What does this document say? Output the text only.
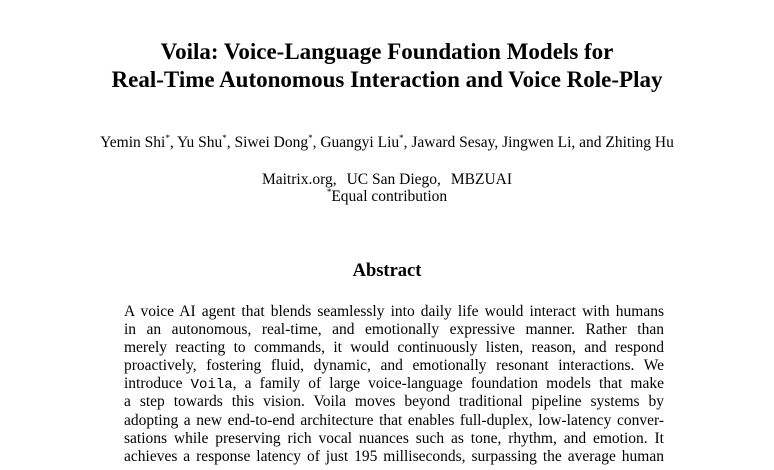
Voila: Voice-Language Foundation Models for
Real-Time Autonomous Interaction and Voice Role-Play
Yemin Shi*, Yu Shu*, Siwei Dong*, Guangyi Liu*, Jaward Sesay, Jingwen Li, and Zhiting Hu
Maitrix.org, UC San Diego, MBZUAI
*Equal contribution
Abstract
A voice AI agent that blends seamlessly into daily life would interact with humans
in an autonomous, real-time, and emotionally expressive manner. Rather than
merely reacting to commands, it would continuously listen, reason, and respond
proactively, fostering fluid, dynamic, and emotionally resonant interactions. We
introduce Voila, a family of large voice-language foundation models that make
a step towards this vision. Voila moves beyond traditional pipeline systems by
adopting a new end-to-end architecture that enables full-duplex, low-latency conver-
sations while preserving rich vocal nuances such as tone, rhythm, and emotion. It
achieves a response latency of just 195 milliseconds, surpassing the average human
